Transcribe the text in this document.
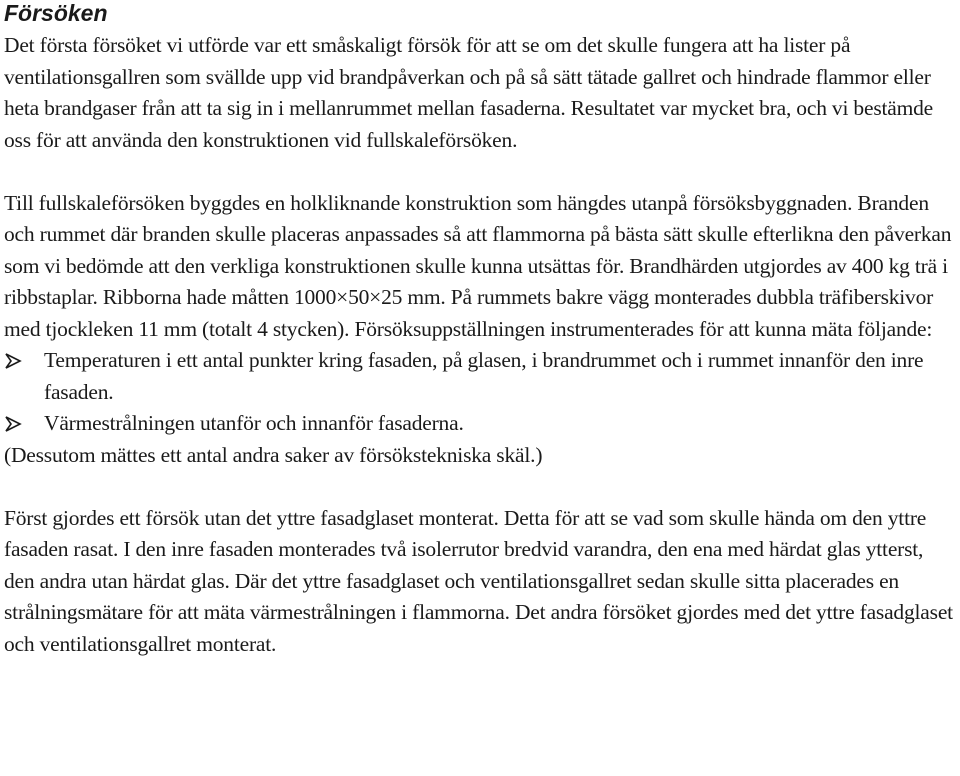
Försöken

Det första försöket vi utförde var ett småskaligt försök för att se om det skulle fungera att ha lister på ventilationsgallren som svällde upp vid brandpåverkan och på så sätt tätade gallret och hindrade flammor eller heta brandgaser från att ta sig in i mellanrummet mellan fasaderna. Resultatet var mycket bra, och vi bestämde oss för att använda den konstruktionen vid fullskaleförsöken.

Till fullskaleförsöken byggdes en holkliknande konstruktion som hängdes utanpå försöksbyggnaden. Branden och rummet där branden skulle placeras anpassades så att flammorna på bästa sätt skulle efterlikna den påverkan som vi bedömde att den verkliga konstruktionen skulle kunna utsättas för. Brandhärden utgjordes av 400 kg trä i ribbstaplar. Ribborna hade måtten 1000×50×25 mm. På rummets bakre vägg monterades dubbla träfiberskivor med tjockleken 11 mm (totalt 4 stycken). Försöksuppställningen instrumenterades för att kunna mäta följande:

Temperaturen i ett antal punkter kring fasaden, på glasen, i brandrummet och i rummet innanför den inre fasaden.
Värmestrålningen utanför och innanför fasaderna.

(Dessutom mättes ett antal andra saker av försökstekniska skäl.)

Först gjordes ett försök utan det yttre fasadglaset monterat. Detta för att se vad som skulle hända om den yttre fasaden rasat. I den inre fasaden monterades två isolerrutor bredvid varandra, den ena med härdat glas ytterst, den andra utan härdat glas. Där det yttre fasadglaset och ventilationsgallret sedan skulle sitta placerades en strålningsmätare för att mäta värmestrålningen i flammorna. Det andra försöket gjordes med det yttre fasadglaset och ventilationsgallret monterat.
